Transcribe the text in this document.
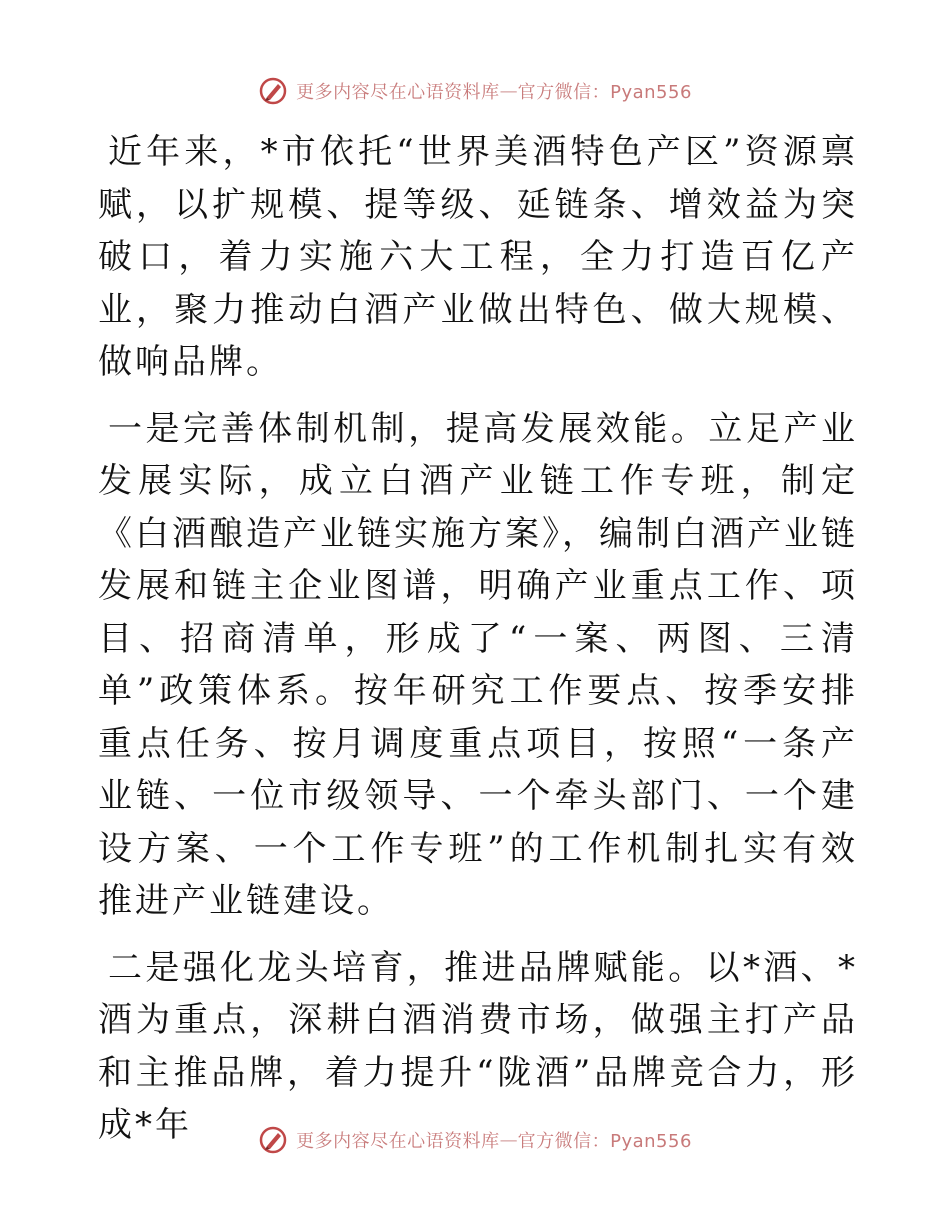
更多内容尽在心语资料库 — 官方微信：Pyan556

近年来，*市依托“世界美酒特色产区”资源禀赋，以扩规模、提等级、延链条、增效益为突破口，着力实施六大工程，全力打造百亿产业，聚力推动白酒产业做出特色、做大规模、做响品牌。

一是完善体制机制，提高发展效能。立足产业发展实际，成立白酒产业链工作专班，制定《白酒酿造产业链实施方案》，编制白酒产业链发展和链主企业图谱，明确产业重点工作、项目、招商清单，形成了“一案、两图、三清单”政策体系。按年研究工作要点、按季安排重点任务、按月调度重点项目，按照“一条产业链、一位市级领导、一个牵头部门、一个建设方案、一个工作专班”的工作机制扎实有效推进产业链建设。

二是强化龙头培育，推进品牌赋能。以*酒、*酒为重点，深耕白酒消费市场，做强主打产品和主推品牌，着力提升“陇酒”品牌竞合力，形成*年	更多内容尽在心语资料库 — 官方微信：Pyan556
